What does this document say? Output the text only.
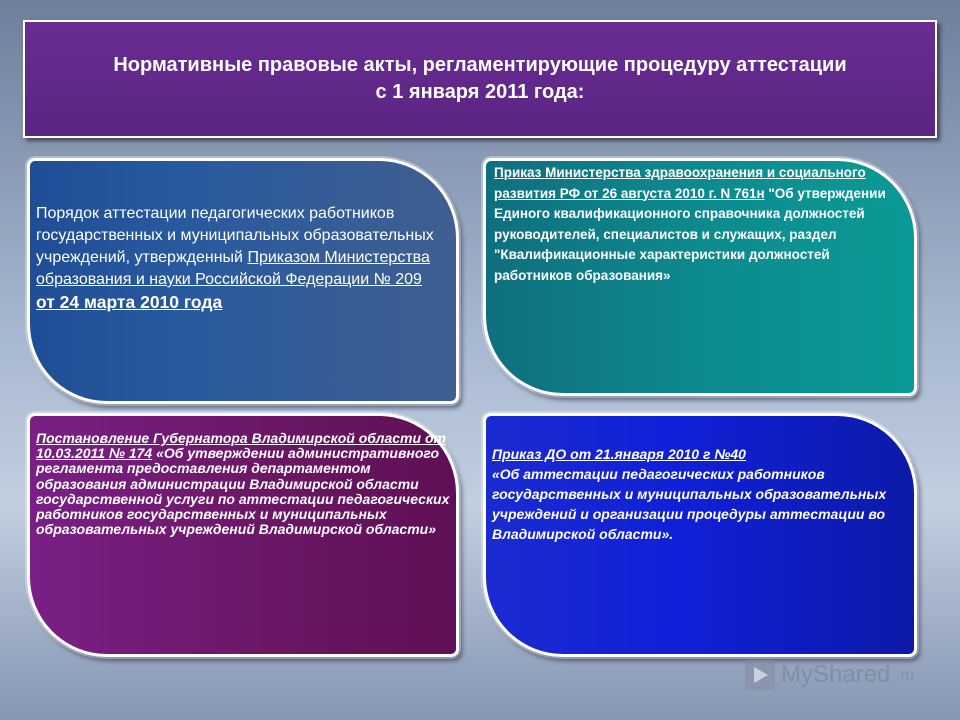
Нормативные правовые акты, регламентирующие процедуру аттестации
с 1 января 2011 года:
Порядок аттестации педагогических работников государственных и муниципальных образовательных учреждений, утвержденный Приказом Министерства образования и науки Российской Федерации № 209
от 24 марта 2010 года
Приказ Министерства здравоохранения и социального развития РФ от 26 августа 2010 г. N 761н "Об утверждении Единого квалификационного справочника должностей руководителей, специалистов и служащих, раздел "Квалификационные характеристики должностей работников образования»
Постановление Губернатора Владимирской области от 10.03.2011 № 174 «Об утверждении административного регламента предоставления департаментом образования администрации Владимирской области государственной услуги по аттестации педагогических работников государственных и муниципальных образовательных учреждений Владимирской области»
Приказ ДО от 21.января 2010 г №40
«Об аттестации педагогических работников
государственных и муниципальных образовательных
учреждений и организации процедуры аттестации во
Владимирской области».
MyShared .ru
